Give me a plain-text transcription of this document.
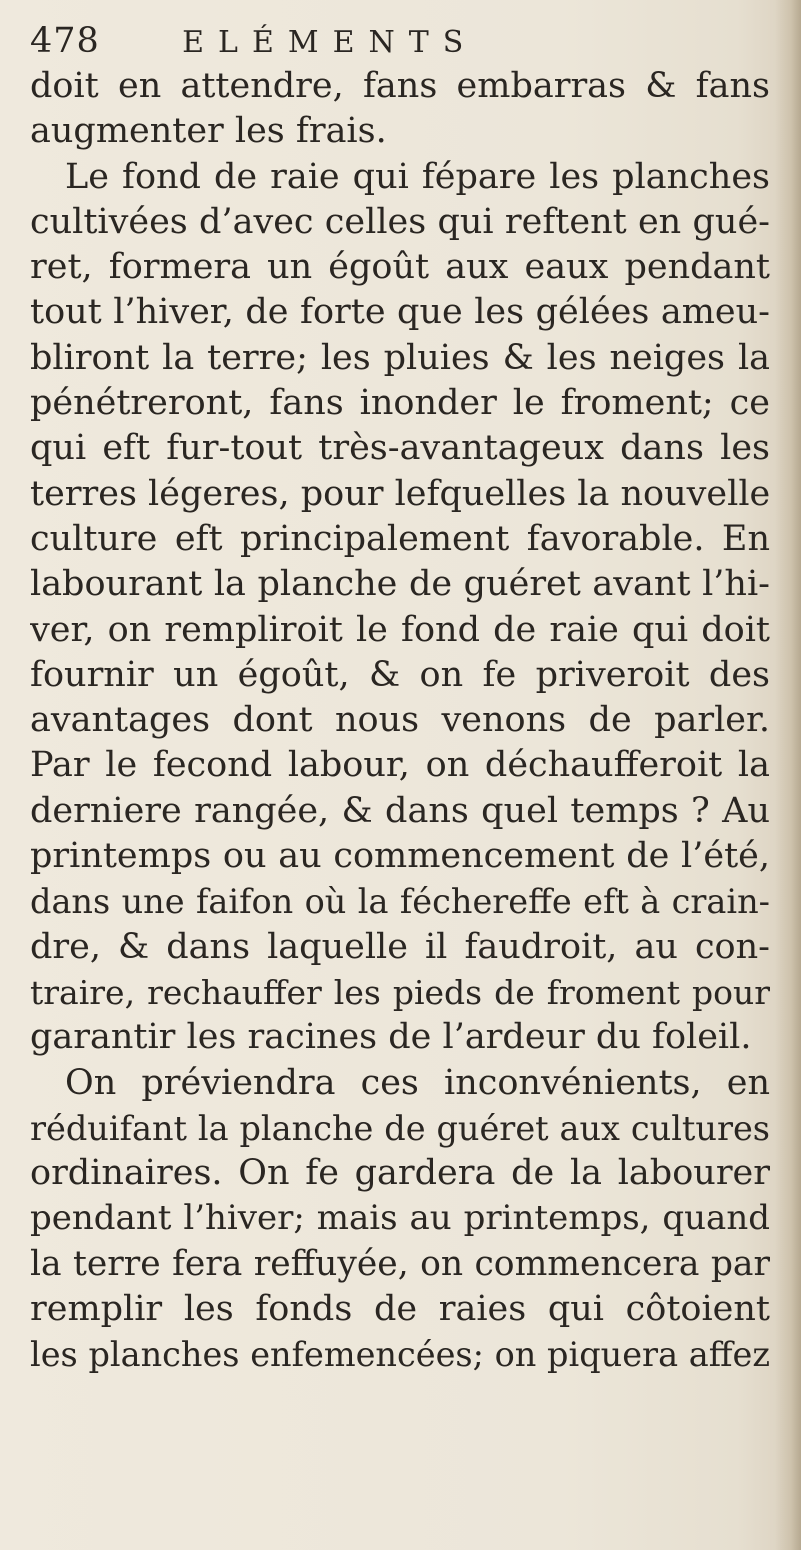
478	ELÉMENTS
doit en attendre, fans embarras & fans
augmenter les frais.
Le fond de raie qui fépare les planches
cultivées d’avec celles qui reftent en gué-
ret, formera un égoût aux eaux pendant
tout l’hiver, de forte que les gélées ameu-
bliront la terre; les pluies & les neiges la
pénétreront, fans inonder le froment; ce
qui eft fur-tout très-avantageux dans les
terres légeres, pour lefquelles la nouvelle
culture eft principalement favorable. En
labourant la planche de guéret avant l’hi-
ver, on rempliroit le fond de raie qui doit
fournir un égoût, & on fe priveroit des
avantages dont nous venons de parler.
Par le fecond labour, on déchaufferoit la
derniere rangée, & dans quel temps ? Au
printemps ou au commencement de l’été,
dans une faifon où la féchereffe eft à crain-
dre, & dans laquelle il faudroit, au con-
traire, rechauffer les pieds de froment pour
garantir les racines de l’ardeur du foleil.
On préviendra ces inconvénients, en
réduifant la planche de guéret aux cultures
ordinaires. On fe gardera de la labourer
pendant l’hiver; mais au printemps, quand
la terre fera reffuyée, on commencera par
remplir les fonds de raies qui côtoient
les planches enfemencées; on piquera affez
